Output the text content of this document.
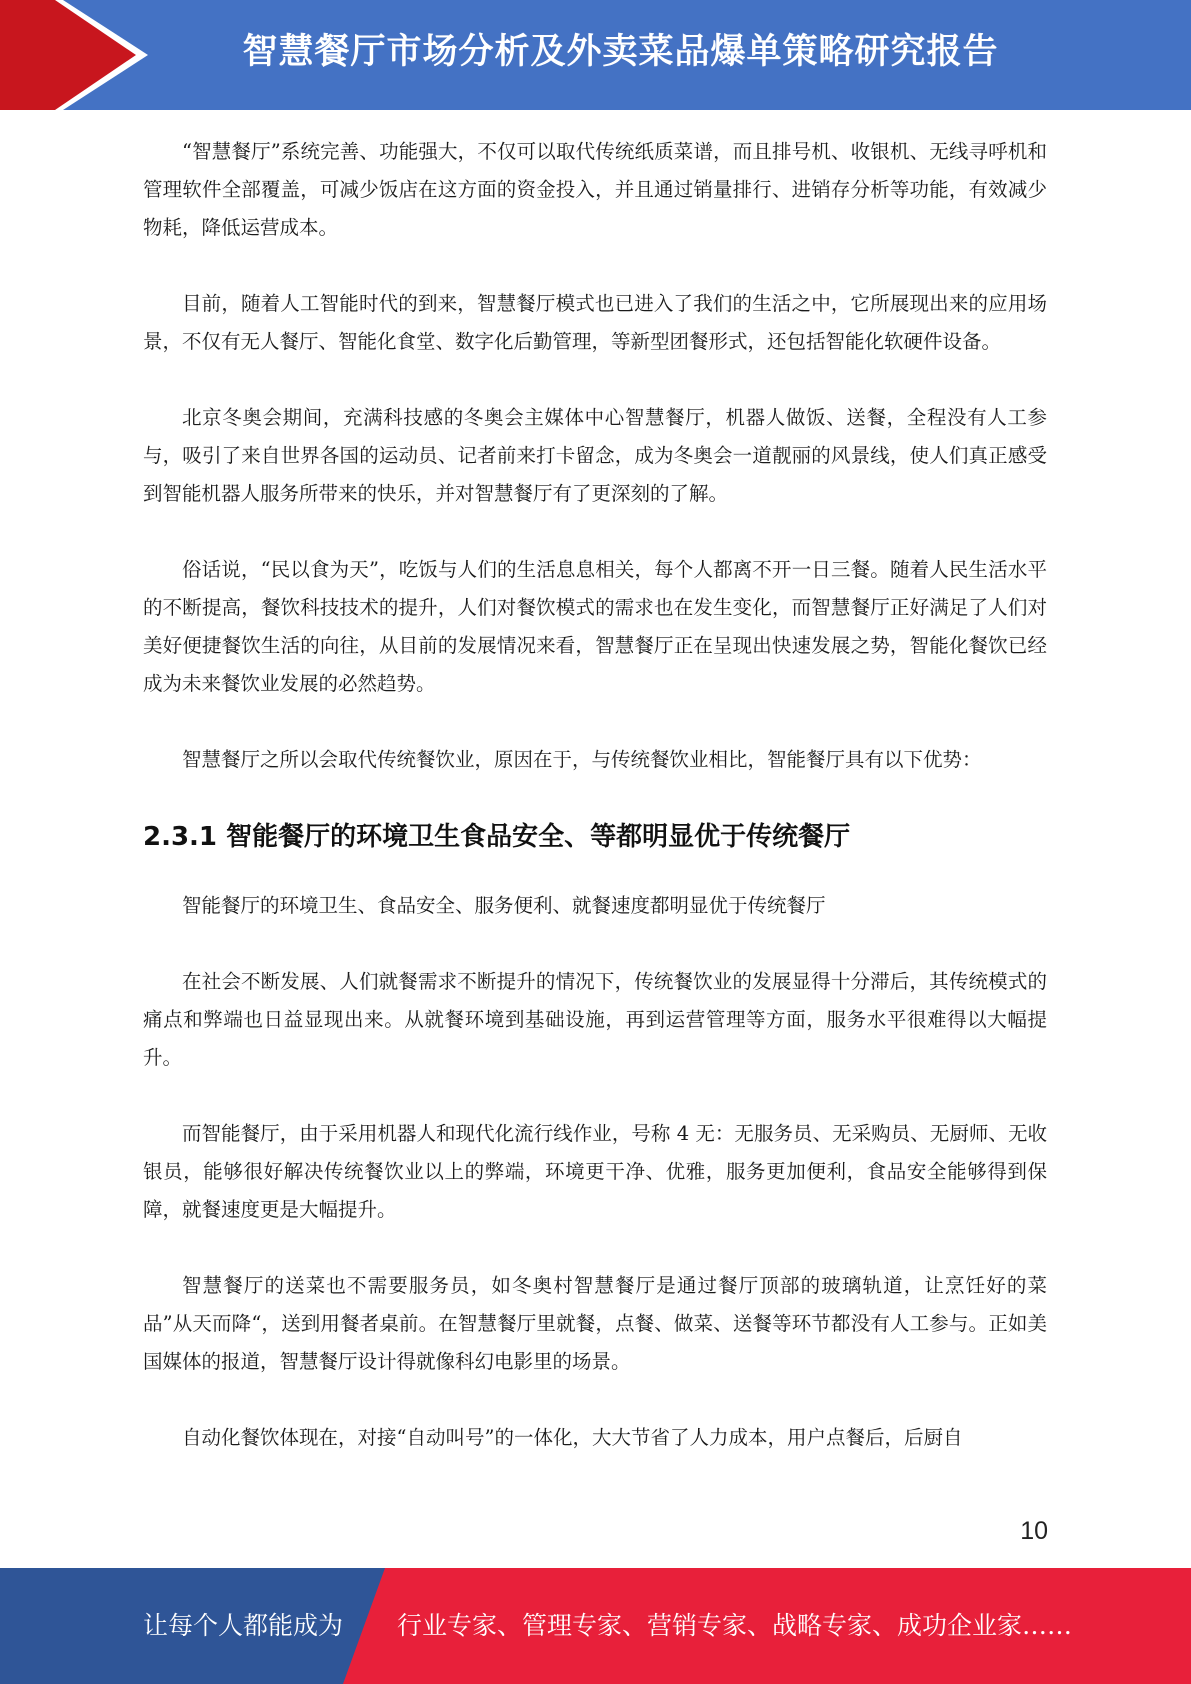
智慧餐厅市场分析及外卖菜品爆单策略研究报告

“智慧餐厅”系统完善、功能强大，不仅可以取代传统纸质菜谱，而且排号机、收银机、无线寻呼机和管理软件全部覆盖，可减少饭店在这方面的资金投入，并且通过销量排行、进销存分析等功能，有效减少物耗，降低运营成本。

目前，随着人工智能时代的到来，智慧餐厅模式也已进入了我们的生活之中，它所展现出来的应用场景，不仅有无人餐厅、智能化食堂、数字化后勤管理，等新型团餐形式，还包括智能化软硬件设备。

北京冬奥会期间，充满科技感的冬奥会主媒体中心智慧餐厅，机器人做饭、送餐，全程没有人工参与，吸引了来自世界各国的运动员、记者前来打卡留念，成为冬奥会一道靓丽的风景线，使人们真正感受到智能机器人服务所带来的快乐，并对智慧餐厅有了更深刻的了解。

俗话说，“民以食为天”，吃饭与人们的生活息息相关，每个人都离不开一日三餐。随着人民生活水平的不断提高，餐饮科技技术的提升，人们对餐饮模式的需求也在发生变化，而智慧餐厅正好满足了人们对美好便捷餐饮生活的向往，从目前的发展情况来看，智慧餐厅正在呈现出快速发展之势，智能化餐饮已经成为未来餐饮业发展的必然趋势。

智慧餐厅之所以会取代传统餐饮业，原因在于，与传统餐饮业相比，智能餐厅具有以下优势：

2.3.1 智能餐厅的环境卫生食品安全、等都明显优于传统餐厅

智能餐厅的环境卫生、食品安全、服务便利、就餐速度都明显优于传统餐厅

在社会不断发展、人们就餐需求不断提升的情况下，传统餐饮业的发展显得十分滞后，其传统模式的痛点和弊端也日益显现出来。从就餐环境到基础设施，再到运营管理等方面，服务水平很难得以大幅提升。

而智能餐厅，由于采用机器人和现代化流行线作业，号称 4 无：无服务员、无采购员、无厨师、无收银员，能够很好解决传统餐饮业以上的弊端，环境更干净、优雅，服务更加便利，食品安全能够得到保障，就餐速度更是大幅提升。

智慧餐厅的送菜也不需要服务员，如冬奥村智慧餐厅是通过餐厅顶部的玻璃轨道，让烹饪好的菜品”从天而降“，送到用餐者桌前。在智慧餐厅里就餐，点餐、做菜、送餐等环节都没有人工参与。正如美国媒体的报道，智慧餐厅设计得就像科幻电影里的场景。

自动化餐饮体现在，对接“自动叫号”的一体化，大大节省了人力成本，用户点餐后，后厨自

10
让每个人都能成为 行业专家、管理专家、营销专家、战略专家、成功企业家……
